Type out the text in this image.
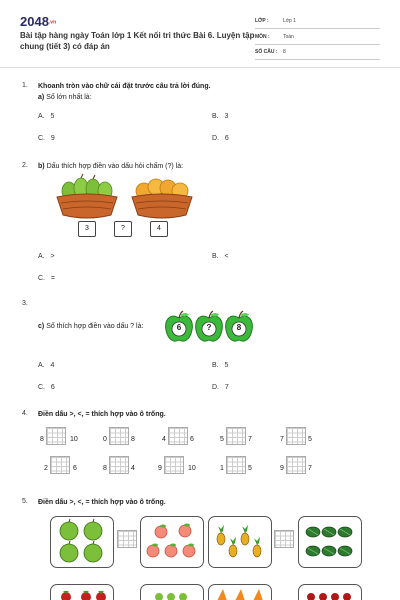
2048.vn
Bài tập hàng ngày Toán lớp 1 Kết nối tri thức Bài 6. Luyện tập chung (tiết 3) có đáp án
LỚP :	Lớp 1
MÔN :	Toán
SỐ CÂU : 8
1. Khoanh tròn vào chữ cái đặt trước câu trả lời đúng.
a) Số lớn nhất là:
A. 5	B. 3
C. 9	D. 6
2. b) Dấu thích hợp điền vào dấu hỏi chấm (?) là:
3	?	4
A. >	B. <
C. =
3.
c) Số thích hợp điền vào dấu ? là:	6	?	8
A. 4	B. 5
C. 6	D. 7
4. Điền dấu >, <, = thích hợp vào ô trống.
8	10	0	8	4	6	5	7	7	5
2	6	8	4	9	10	1	5	9	7
5. Điền dấu >, <, = thích hợp vào ô trống.
